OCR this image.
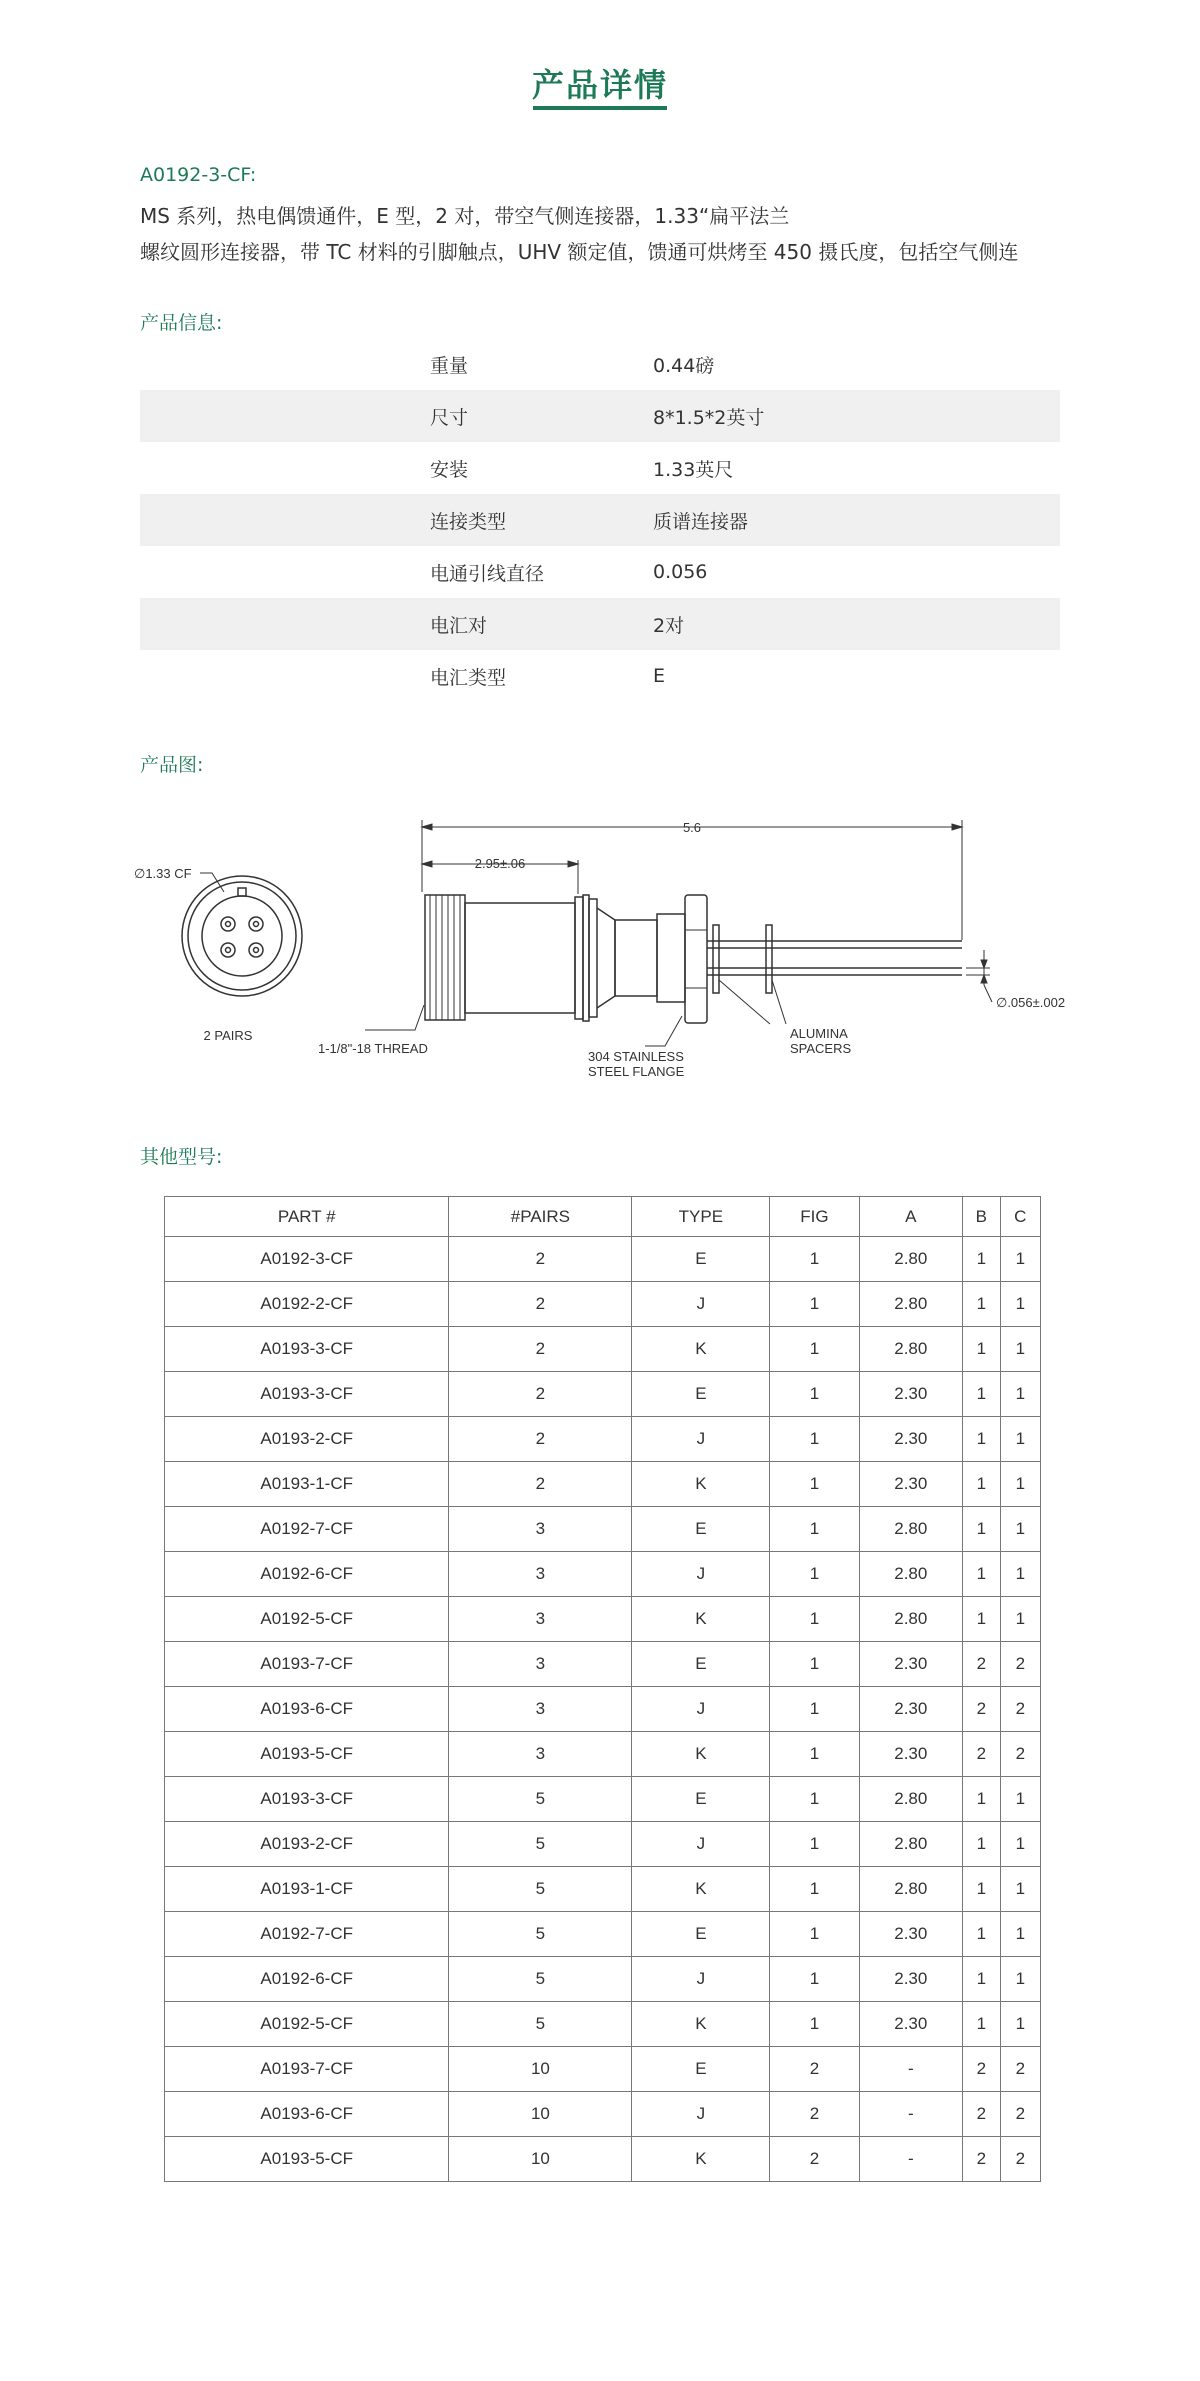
产品详情
A0192-3-CF:
MS 系列，热电偶馈通件，E 型，2 对，带空气侧连接器，1.33“扁平法兰
螺纹圆形连接器，带 TC 材料的引脚触点，UHV 额定值，馈通可烘烤至 450 摄氏度，包括空气侧连
产品信息:
重量	0.44磅
尺寸	8*1.5*2英寸
安装	1.33英尺
连接类型	质谱连接器
电通引线直径	0.056
电汇对	2对
电汇类型	E
产品图:
∅1.33 CF
2 PAIRS
5.6
2.95±.06
∅.056±.002
1-1/8"-18 THREAD
304 STAINLESS
STEEL FLANGE
ALUMINA
SPACERS
其他型号:
PART #	#PAIRS	TYPE	FIG	A	B	C
A0192-3-CF	2	E	1	2.80	1	1
A0192-2-CF	2	J	1	2.80	1	1
A0193-3-CF	2	K	1	2.80	1	1
A0193-3-CF	2	E	1	2.30	1	1
A0193-2-CF	2	J	1	2.30	1	1
A0193-1-CF	2	K	1	2.30	1	1
A0192-7-CF	3	E	1	2.80	1	1
A0192-6-CF	3	J	1	2.80	1	1
A0192-5-CF	3	K	1	2.80	1	1
A0193-7-CF	3	E	1	2.30	2	2
A0193-6-CF	3	J	1	2.30	2	2
A0193-5-CF	3	K	1	2.30	2	2
A0193-3-CF	5	E	1	2.80	1	1
A0193-2-CF	5	J	1	2.80	1	1
A0193-1-CF	5	K	1	2.80	1	1
A0192-7-CF	5	E	1	2.30	1	1
A0192-6-CF	5	J	1	2.30	1	1
A0192-5-CF	5	K	1	2.30	1	1
A0193-7-CF	10	E	2	-	2	2
A0193-6-CF	10	J	2	-	2	2
A0193-5-CF	10	K	2	-	2	2
